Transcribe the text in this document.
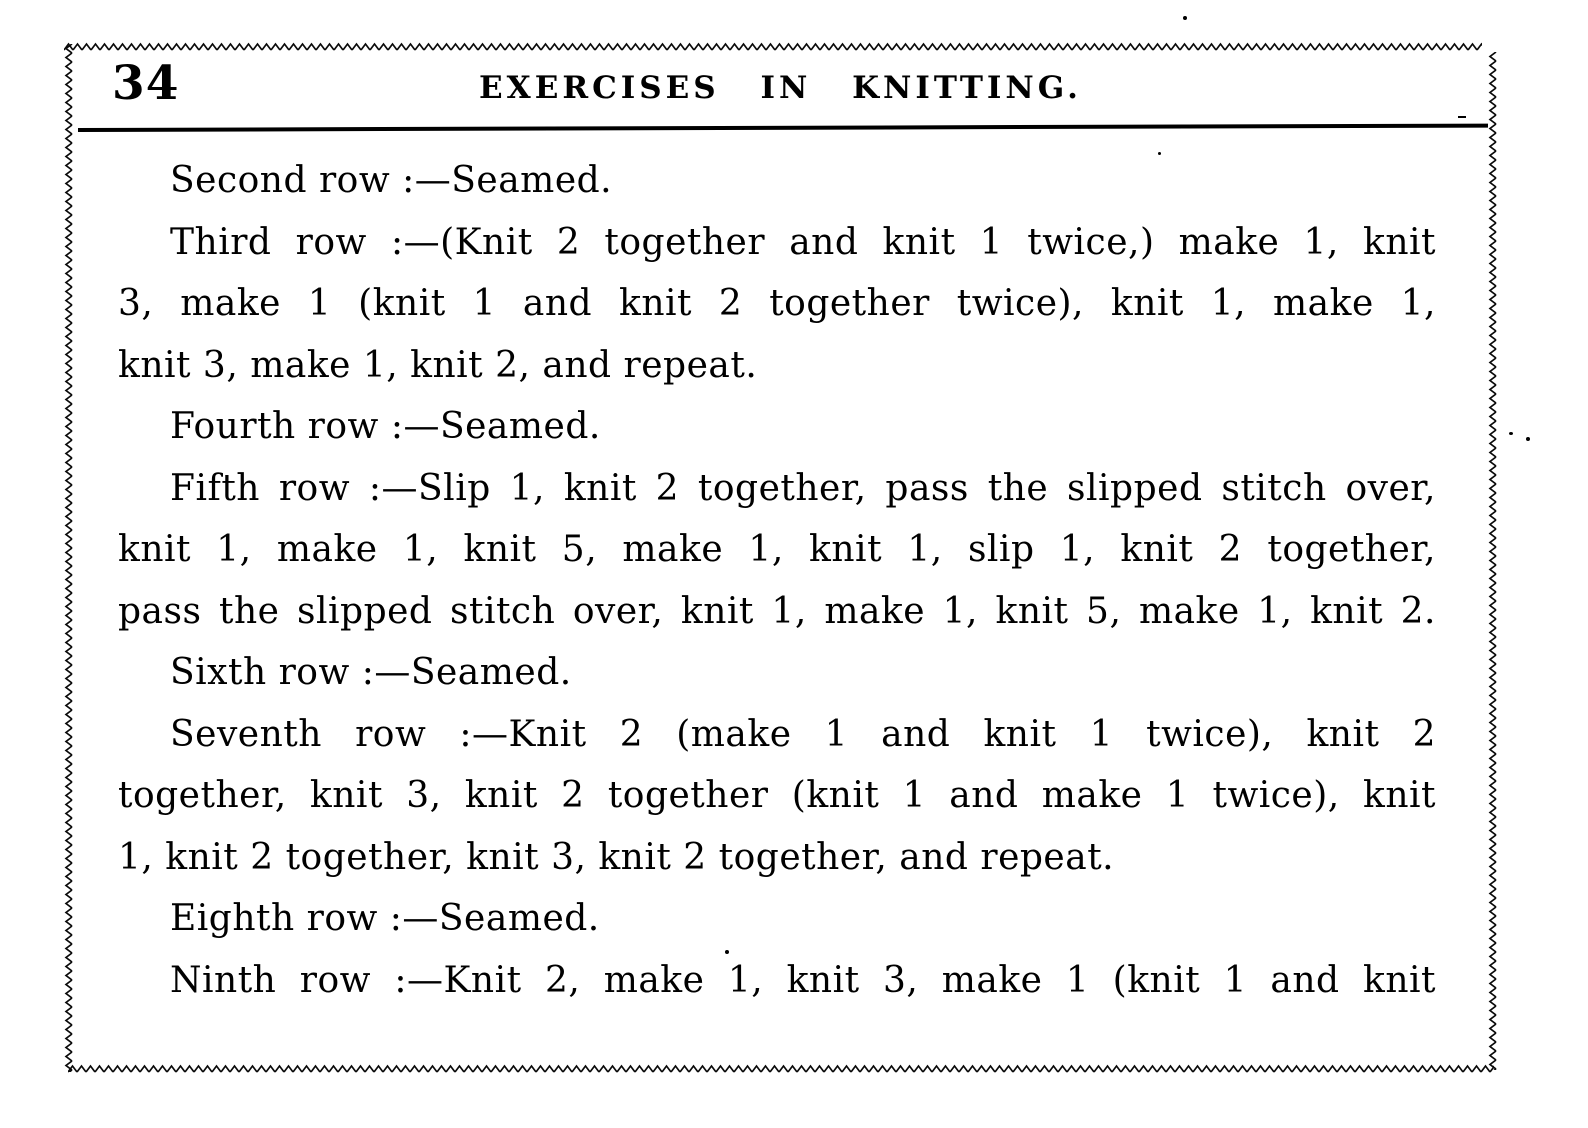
34	EXERCISES IN KNITTING.
Second row :—Seamed.
Third row :—(Knit 2 together and knit 1 twice,) make 1, knit
3, make 1 (knit 1 and knit 2 together twice), knit 1, make 1,
knit 3, make 1, knit 2, and repeat.
Fourth row :—Seamed.
Fifth row :—Slip 1, knit 2 together, pass the slipped stitch over,
knit 1, make 1, knit 5, make 1, knit 1, slip 1, knit 2 together,
pass the slipped stitch over, knit 1, make 1, knit 5, make 1, knit 2.
Sixth row :—Seamed.
Seventh row :—Knit 2 (make 1 and knit 1 twice), knit 2
together, knit 3, knit 2 together (knit 1 and make 1 twice), knit
1, knit 2 together, knit 3, knit 2 together, and repeat.
Eighth row :—Seamed.
Ninth row :—Knit 2, make 1, knit 3, make 1 (knit 1 and knit
